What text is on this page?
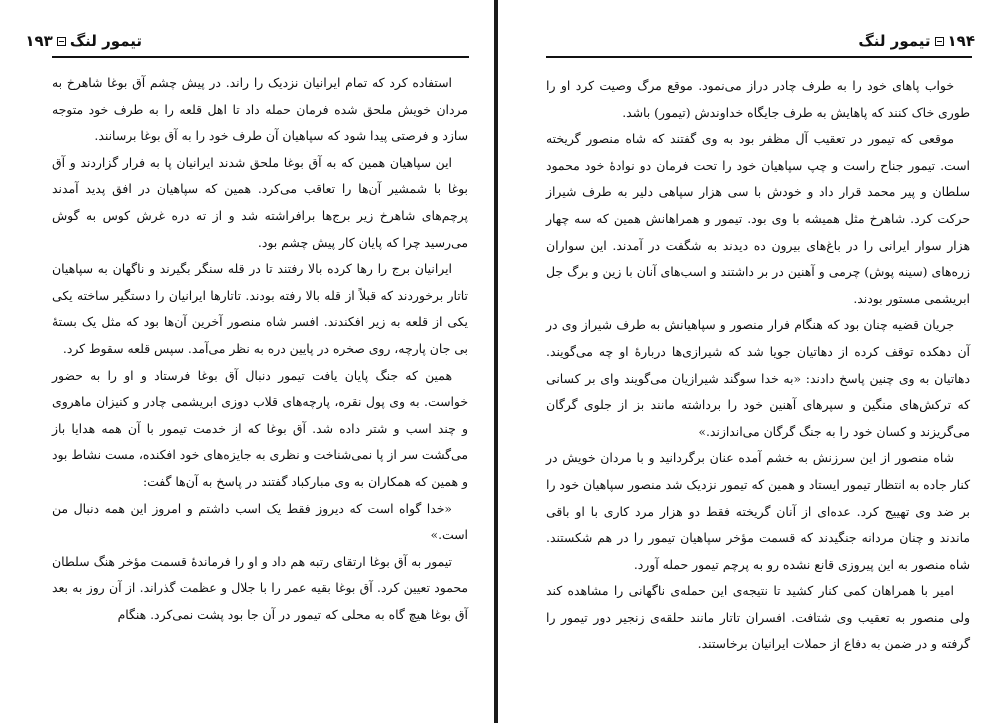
تیمور لنگ
۱۹۳

استفاده کرد که تمام ایرانیان نزدیک را راند. در پیش چشم آق بوغا شاهرخ به مردان خویش ملحق شده فرمان حمله داد تا اهل قلعه را به طرف خود متوجه سازد و فرصتی پیدا شود که سپاهیان آن طرف خود را به آق بوغا برسانند.

این سپاهیان همین که به آق بوغا ملحق شدند ایرانیان پا به فرار گزاردند و آق بوغا با شمشیر آن‌ها را تعاقب می‌کرد. همین که سپاهیان در افق پدید آمدند پرچم‌های شاهرخ زیر برج‌ها برافراشته شد و از ته دره غرش کوس به گوش می‌رسید چرا که پایان کار پیش چشم بود.

ایرانیان برج را رها کرده بالا رفتند تا در قله سنگر بگیرند و ناگهان به سپاهیان تاتار برخوردند که قبلاً از قله بالا رفته بودند. تاتارها ایرانیان را دستگیر ساخته یکی یکی از قلعه به زیر افکندند. افسر شاه منصور آخرین آن‌ها بود که مثل یک بستهٔ بی جان پارچه، روی صخره در پایین دره به نظر می‌آمد. سپس قلعه سقوط کرد.

همین که جنگ پایان یافت تیمور دنبال آق بوغا فرستاد و او را به حضور خواست. به وی پول نقره، پارچه‌های قلاب دوزی ابریشمی چادر و کنیزان ماهروی و چند اسب و شتر داده شد. آق بوغا که از خدمت تیمور با آن همه هدایا باز می‌گشت سر از پا نمی‌شناخت و نظری به جایزه‌های خود افکنده، مست نشاط بود و همین که همکاران به وی مبارکباد گفتند در پاسخ به آن‌ها گفت:

«خدا گواه است که دیروز فقط یک اسب داشتم و امروز این همه دنبال من است.»

تیمور به آق بوغا ارتقای رتبه هم داد و او را فرماندهٔ قسمت مؤخر هنگ سلطان محمود تعیین کرد. آق بوغا بقیه عمر را با جلال و عظمت گذراند. از آن روز به بعد آق بوغا هیچ گاه به محلی که تیمور در آن جا بود پشت نمی‌کرد. هنگام

۱۹۴
تیمور لنگ

خواب پاهای خود را به طرف چادر دراز می‌نمود. موقع مرگ وصیت کرد او را طوری خاک کنند که پاهایش به طرف جایگاه خداوندش (تیمور) باشد.

موقعی که تیمور در تعقیب آل مظفر بود به وی گفتند که شاه منصور گریخته است. تیمور جناح راست و چپ سپاهیان خود را تحت فرمان دو نوادهٔ خود محمود سلطان و پیر محمد قرار داد و خودش با سی هزار سپاهی دلیر به طرف شیراز حرکت کرد. شاهرخ مثل همیشه با وی بود. تیمور و همراهانش همین که سه چهار هزار سوار ایرانی را در باغ‌های بیرون ده دیدند به شگفت در آمدند. این سواران زره‌های (سینه پوش) چرمی و آهنین در بر داشتند و اسب‌های آنان با زین و برگ جل ابریشمی مستور بودند.

جریان قضیه چنان بود که هنگام فرار منصور و سپاهیانش به طرف شیراز وی در آن دهکده توقف کرده از دهاتیان جویا شد که شیرازی‌ها دربارهٔ او چه می‌گویند. دهاتیان به وی چنین پاسخ دادند: «به خدا سوگند شیرازیان می‌گویند وای بر کسانی که ترکش‌های منگین و سپرهای آهنین خود را برداشته مانند بز از جلوی گرگان می‌گریزند و کسان خود را به جنگ گرگان می‌اندازند.»

شاه منصور از این سرزنش به خشم آمده عنان برگردانید و با مردان خویش در کنار جاده به انتظار تیمور ایستاد و همین که تیمور نزدیک شد منصور سپاهیان خود را بر ضد وی تهییج کرد. عده‌ای از آنان گریخته فقط دو هزار مرد کاری با او باقی ماندند و چنان مردانه جنگیدند که قسمت مؤخر سپاهیان تیمور را در هم شکستند. شاه منصور به این پیروزی قانع نشده رو به پرچم تیمور حمله آورد.

امیر با همراهان کمی کنار کشید تا نتیجه‌ی این حمله‌ی ناگهانی را مشاهده کند ولی منصور به تعقیب وی شتافت. افسران تاتار مانند حلقه‌ی زنجیر دور تیمور را گرفته و در ضمن به دفاع از حملات ایرانیان برخاستند.
